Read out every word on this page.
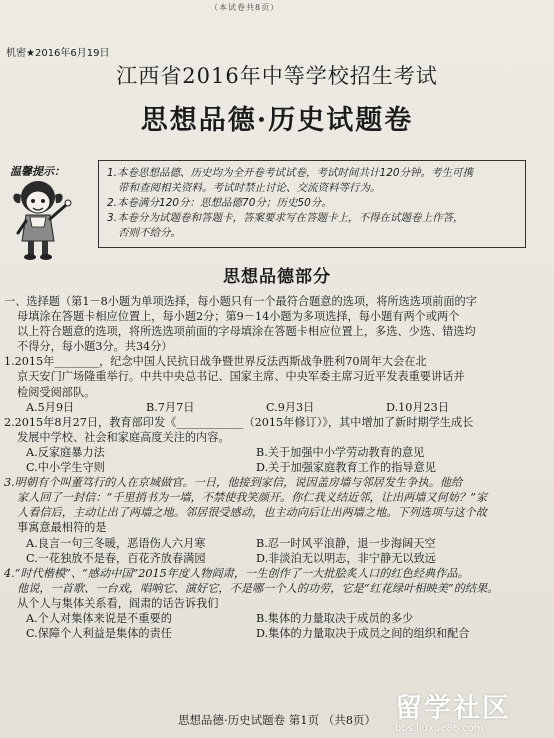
（本试卷共8页）
机密★2016年6月19日
江西省2016年中等学校招生考试
思想品德·历史试题卷
温馨提示：	1.本卷思想品德、历史均为全开卷考试试卷，考试时间共计120分钟。考生可携
带和查阅相关资料。考试时禁止讨论、交流资料等行为。
2.本卷满分120分：思想品德70分；历史50分。
3.本卷分为试题卷和答题卡，答案要求写在答题卡上，不得在试题卷上作答，
否则不给分。
思想品德部分
一、选择题（第1－8小题为单项选择，每小题只有一个最符合题意的选项，将所选选项前面的字
母填涂在答题卡相应位置上，每小题2分；第9－14小题为多项选择，每小题有两个或两个
以上符合题意的选项，将所选选项前面的字母填涂在答题卡相应位置上，多选、少选、错选均
不得分，每小题3分。共34分）
1.2015年________，纪念中国人民抗日战争暨世界反法西斯战争胜利70周年大会在北
京天安门广场隆重举行。中共中央总书记、国家主席、中央军委主席习近平发表重要讲话并
检阅受阅部队。
A.5月9日	B.7月7日	C.9月3日	D.10月23日
2.2015年8月27日，教育部印发《____________（2015年修订）》，其中增加了新时期学生成长
发展中学校、社会和家庭高度关注的内容。
A.反家庭暴力法	B.关于加强中小学劳动教育的意见
C.中小学生守则	D.关于加强家庭教育工作的指导意见
3.明朝有个叫董笃行的人在京城做官。一日，他接到家信，说因盖房墙与邻居发生争执。他给
家人回了一封信：“千里捎书为一墙，不禁使我笑颜开。你仁我义结近邻，让出两墙又何妨？”家
人看信后，主动让出了两墙之地。邻居很受感动，也主动向后让出两墙之地。下列选项与这个故
事寓意最相符的是
A.良言一句三冬暖，恶语伤人六月寒	B.忍一时风平浪静，退一步海阔天空
C.一花独放不是春，百花齐放春满园	D.非淡泊无以明志，非宁静无以致远
4.“时代楷模”、“感动中国”2015年度人物阎肃，一生创作了一大批脍炙人口的红色经典作品。
他说，一首歌、一台戏，唱响它、演好它，不是哪一个人的功劳，它是“红花绿叶相映美”的结果。
从个人与集体关系看，阎肃的话告诉我们
A.个人对集体来说是不重要的	B.集体的力量取决于成员的多少
C.保障个人利益是集体的责任	D.集体的力量取决于成员之间的组织和配合
思想品德·历史试题卷 第1页 （共8页） 留学社区
bbs.liuxue86.com
